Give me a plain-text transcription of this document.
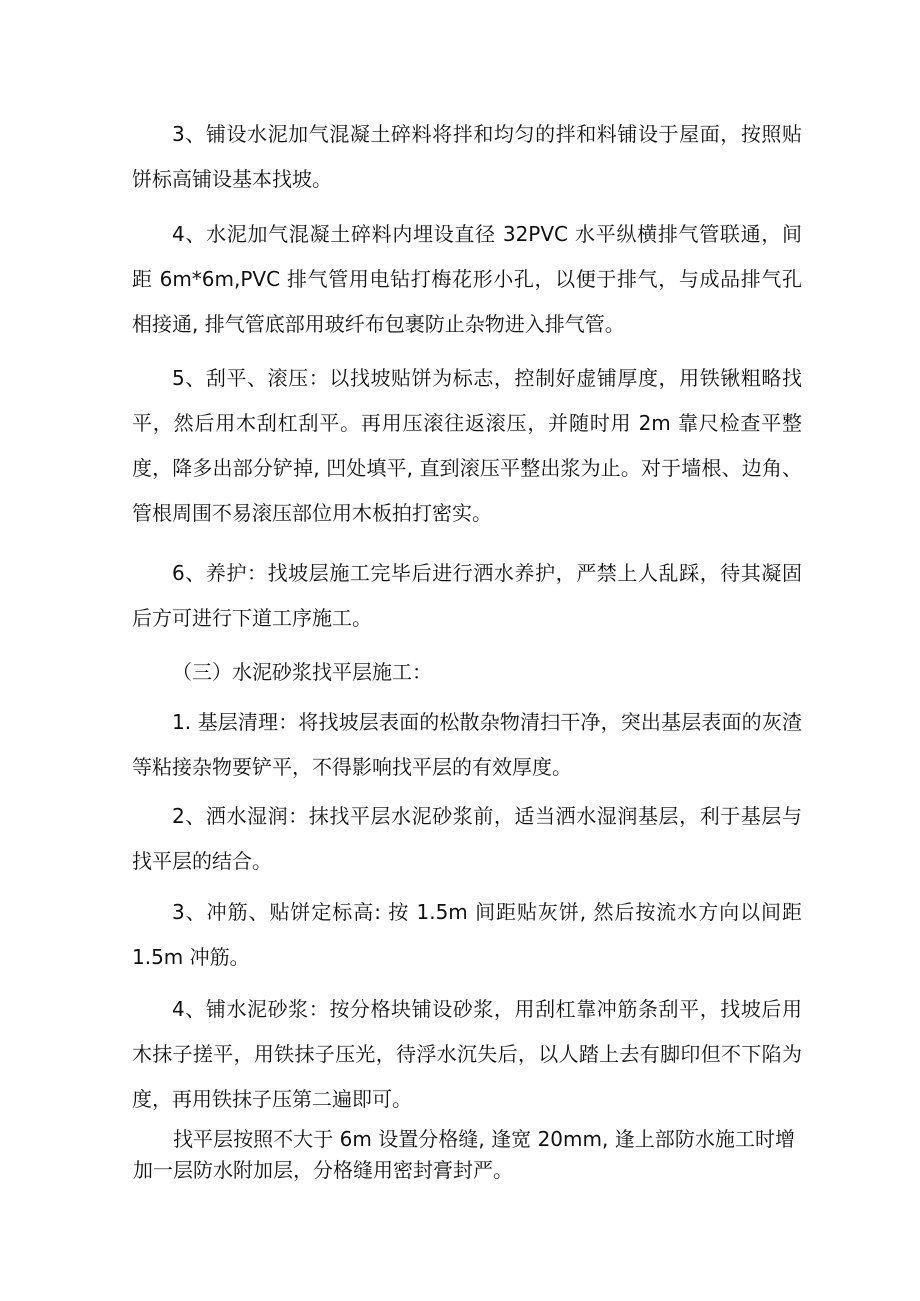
3、铺设水泥加气混凝土碎料将拌和均匀的拌和料铺设于屋面，按照贴饼标高铺设基本找坡。

4、水泥加气混凝土碎料内埋设直径 32PVC 水平纵横排气管联通，间距 6m*6m,PVC 排气管用电钻打梅花形小孔，以便于排气，与成品排气孔相接通, 排气管底部用玻纤布包裹防止杂物进入排气管。

5、刮平、滚压：以找坡贴饼为标志，控制好虚铺厚度，用铁锹粗略找平，然后用木刮杠刮平。再用压滚往返滚压，并随时用 2m 靠尺检查平整度，降多出部分铲掉, 凹处填平, 直到滚压平整出浆为止。对于墙根、边角、管根周围不易滚压部位用木板拍打密实。

6、养护：找坡层施工完毕后进行洒水养护，严禁上人乱踩，待其凝固后方可进行下道工序施工。

（三）水泥砂浆找平层施工：

1. 基层清理：将找坡层表面的松散杂物清扫干净，突出基层表面的灰渣等粘接杂物要铲平，不得影响找平层的有效厚度。

2、洒水湿润：抹找平层水泥砂浆前，适当洒水湿润基层，利于基层与找平层的结合。

3、冲筋、贴饼定标高: 按 1.5m 间距贴灰饼, 然后按流水方向以间距 1.5m 冲筋。

4、铺水泥砂浆：按分格块铺设砂浆，用刮杠靠冲筋条刮平，找坡后用木抹子搓平，用铁抹子压光，待浮水沉失后，以人踏上去有脚印但不下陷为度，再用铁抹子压第二遍即可。

找平层按照不大于 6m 设置分格缝, 逢宽 20mm, 逢上部防水施工时增加一层防水附加层，分格缝用密封膏封严。
